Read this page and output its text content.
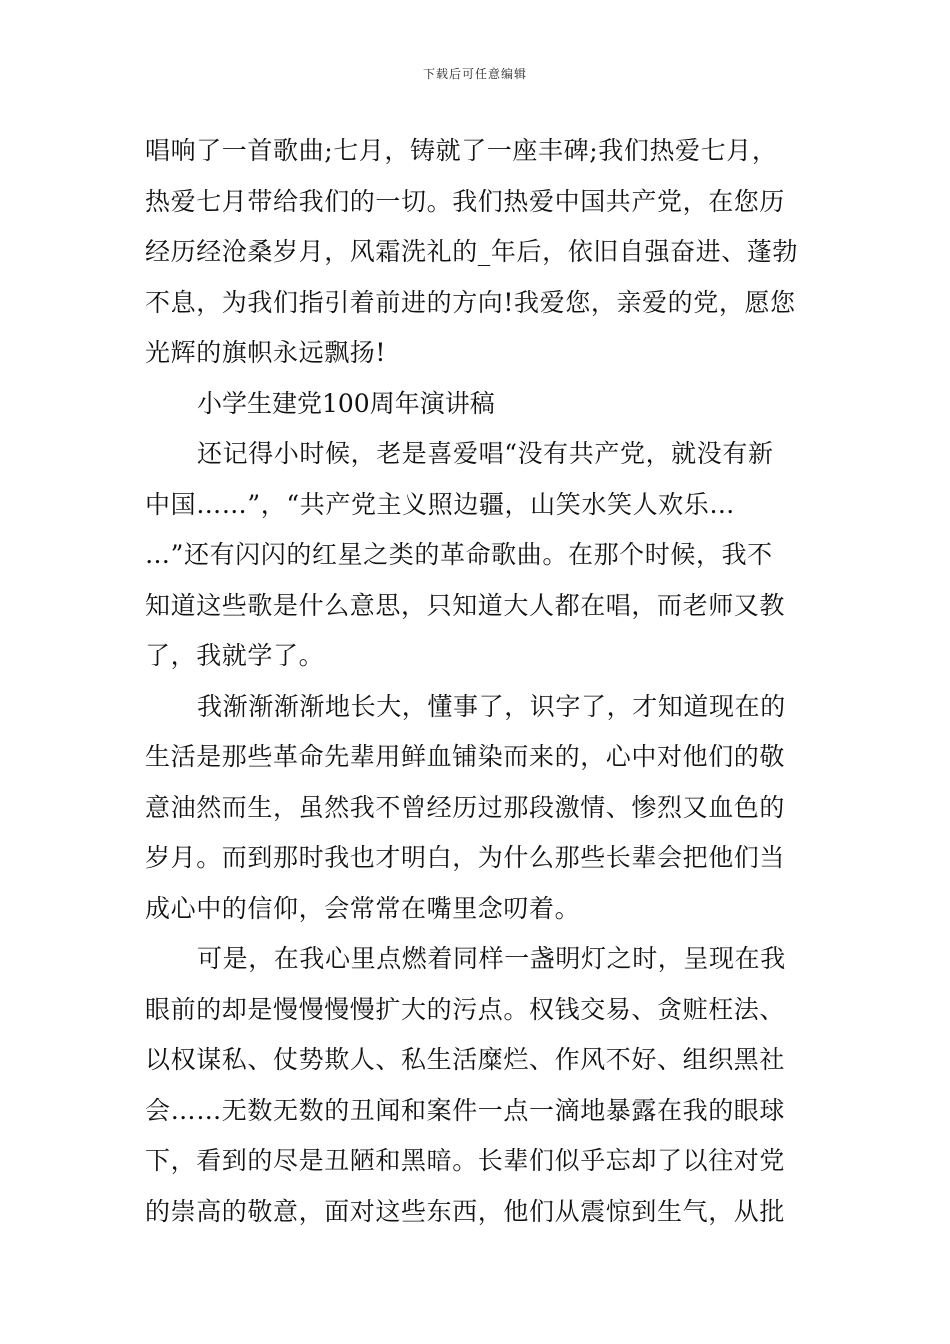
下载后可任意编辑
唱响了一首歌曲;七月，铸就了一座丰碑;我们热爱七月，
热爱七月带给我们的一切。我们热爱中国共产党，在您历
经历经沧桑岁月，风霜洗礼的_年后，依旧自强奋进、蓬勃
不息，为我们指引着前进的方向!我爱您，亲爱的党，愿您
光辉的旗帜永远飘扬!
小学生建党100周年演讲稿
还记得小时候，老是喜爱唱“没有共产党，就没有新
中国……”，“共产党主义照边疆，山笑水笑人欢乐…
…”还有闪闪的红星之类的革命歌曲。在那个时候，我不
知道这些歌是什么意思，只知道大人都在唱，而老师又教
了，我就学了。
我渐渐渐渐地长大，懂事了，识字了，才知道现在的
生活是那些革命先辈用鲜血铺染而来的，心中对他们的敬
意油然而生，虽然我不曾经历过那段激情、惨烈又血色的
岁月。而到那时我也才明白，为什么那些长辈会把他们当
成心中的信仰，会常常在嘴里念叨着。
可是，在我心里点燃着同样一盏明灯之时，呈现在我
眼前的却是慢慢慢慢扩大的污点。权钱交易、贪赃枉法、
以权谋私、仗势欺人、私生活糜烂、作风不好、组织黑社
会……无数无数的丑闻和案件一点一滴地暴露在我的眼球
下，看到的尽是丑陋和黑暗。长辈们似乎忘却了以往对党
的崇高的敬意，面对这些东西，他们从震惊到生气，从批
